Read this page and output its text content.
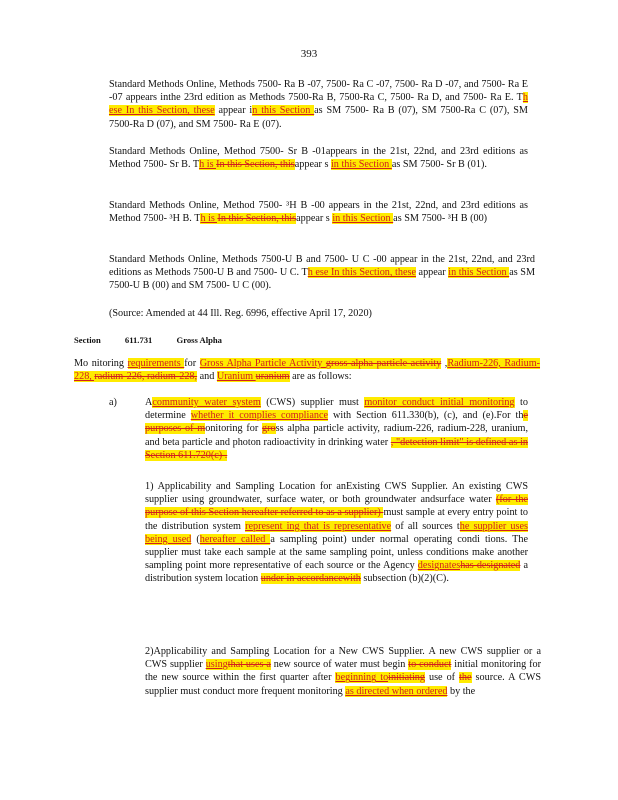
393

Standard Methods Online, Methods 7500- Ra B -07, 7500- Ra C -07, 7500- Ra D -07, and 7500- Ra E -07 appears inthe 23rd edition as Methods 7500-Ra B, 7500-Ra C, 7500- Ra D, and 7500- Ra E. Th ese In this Section, these appear in this Section as SM 7500- Ra B (07), SM 7500-Ra C (07), SM 7500-Ra D (07), and SM 7500- Ra E (07).

Standard Methods Online, Method 7500- Sr B -01appears in the 21st, 22nd, and 23rd editions as Method 7500- Sr B. Th is In this Section, thisappear s in this Section as SM 7500- Sr B (01).

Standard Methods Online, Method 7500- ³H B -00 appears in the 21st, 22nd, and 23rd editions as Method 7500- ³H B. Th is In this Section, thisappear s in this Section as SM 7500- ³H B (00)

Standard Methods Online, Methods 7500-U B and 7500- U C -00 appear in the 21st, 22nd, and 23rd editions as Methods 7500-U B and 7500- U C. Th ese In this Section, these appear in this Section as SM 7500-U B (00) and SM 7500- U C (00).

(Source: Amended at 44 Ill. Reg. 6996, effective April 17, 2020)
Section	611.731	Gross Alpha

Mo nitoring requirements for Gross Alpha Particle Activity gross alpha particle activity ,Radium-226, Radium-228, radium-226, radium-228, and Uranium uranium are as follows:

a)	Acommunity water system (CWS) supplier must monitor conduct initial monitoring to determine whether it complies compliance with Section 611.330(b), (c), and (e).For the purposes of monitoring for gross alpha particle activity, radium-226, radium-228, uranium, and beta particle and photon radioactivity in drinking water , "detection limit" is defined as in Section 611.720(c) .

1) Applicability and Sampling Location for anExisting CWS Supplier. An existing CWS supplier using groundwater, surface water, or both groundwater andsurface water (for the purpose of this Section hereafter referred to as a supplier) must sample at every entry point to the distribution system represent ing that is representative of all sources the supplier uses being used (hereafter called a sampling point) under normal operating condi tions. The supplier must take each sample at the same sampling point, unless conditions make another sampling point more representative of each source or the Agency designateshas designated a distribution system location under in accordancewith subsection (b)(2)(C).

2)Applicability and Sampling Location for a New CWS Supplier. A new CWS supplier or a CWS supplier usingthat uses a new source of water must begin to conduct initial monitoring for the new source within the first quarter after beginning toinitiating use of the source. A CWS supplier must conduct more frequent monitoring as directed when ordered by the
